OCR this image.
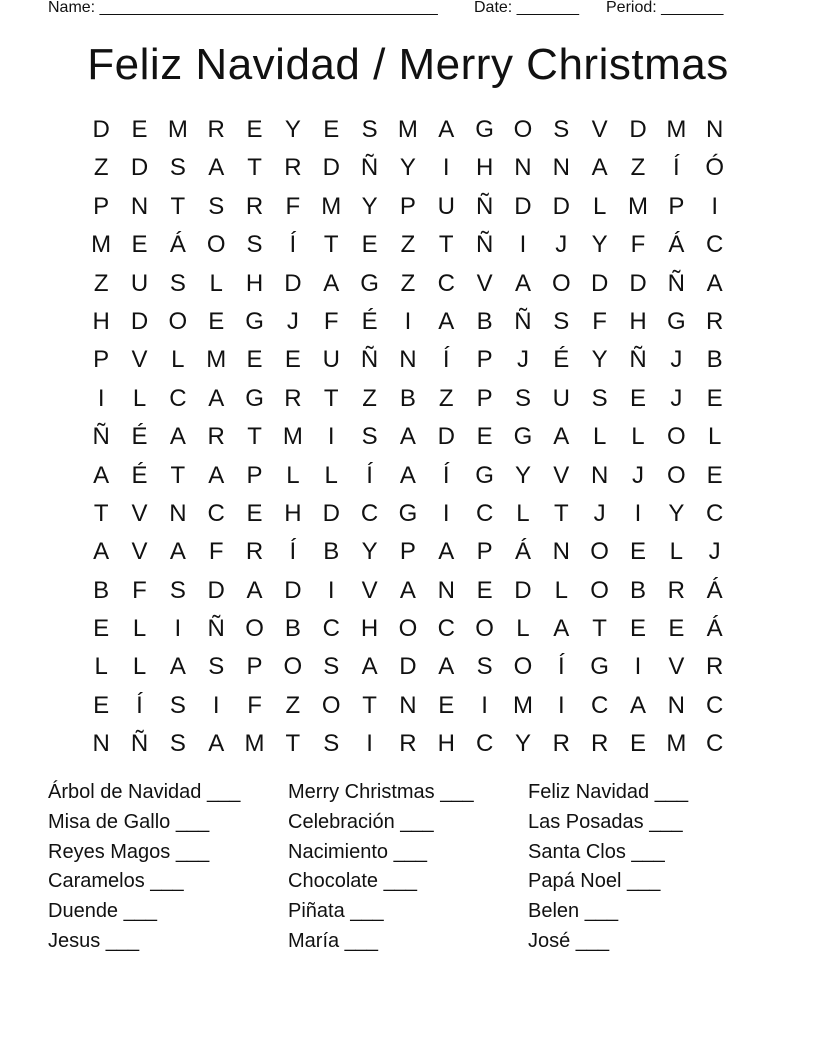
Name: ______________________________________ Date: _______ Period: _______
Feliz Navidad / Merry Christmas
D E M R E Y E S M A G O S V D M N
Z D S A T R D Ñ Y	I	H N N A Z	Í	Ó
P N T S R F M Y P U Ñ D D L M P	I
M E Á O S	Í	T E Z T Ñ	I	J	Y F Á C
Z U S L H D A G Z C V A O D D Ñ A
H D O E G J	F É	I	A B Ñ S F H G R
P V L M E E U Ñ N	Í	P	J	É Y Ñ J	B
I	L C A G R T Z B Z P S U S E	J	E
Ñ É A R T M	I	S A D E G A L	L O L
A É T A P L	L	Í	A	Í	G Y V N J O E
T V N C E H D C G	I	C L	T	J	I	Y C
A V A F R	Í	B Y P A P Á N O E L	J
B F S D A D	I	V A N E D L O B R Á
E L	I	Ñ O B C H O C O L A T E E Á
L	L A S P O S A D A S O	Í	G	I	V R
E	Í	S	I	F Z O T N E	I	M	I	C A N C
N Ñ S A M T S	I	R H C Y R R E M C
Árbol de Navidad ___	Merry Christmas ___	Feliz Navidad ___
Misa de Gallo ___	Celebración ___	Las Posadas ___
Reyes Magos ___	Nacimiento ___	Santa Clos ___
Caramelos ___	Chocolate ___	Papá Noel ___
Duende ___	Piñata ___	Belen ___
Jesus ___	María ___	José ___
